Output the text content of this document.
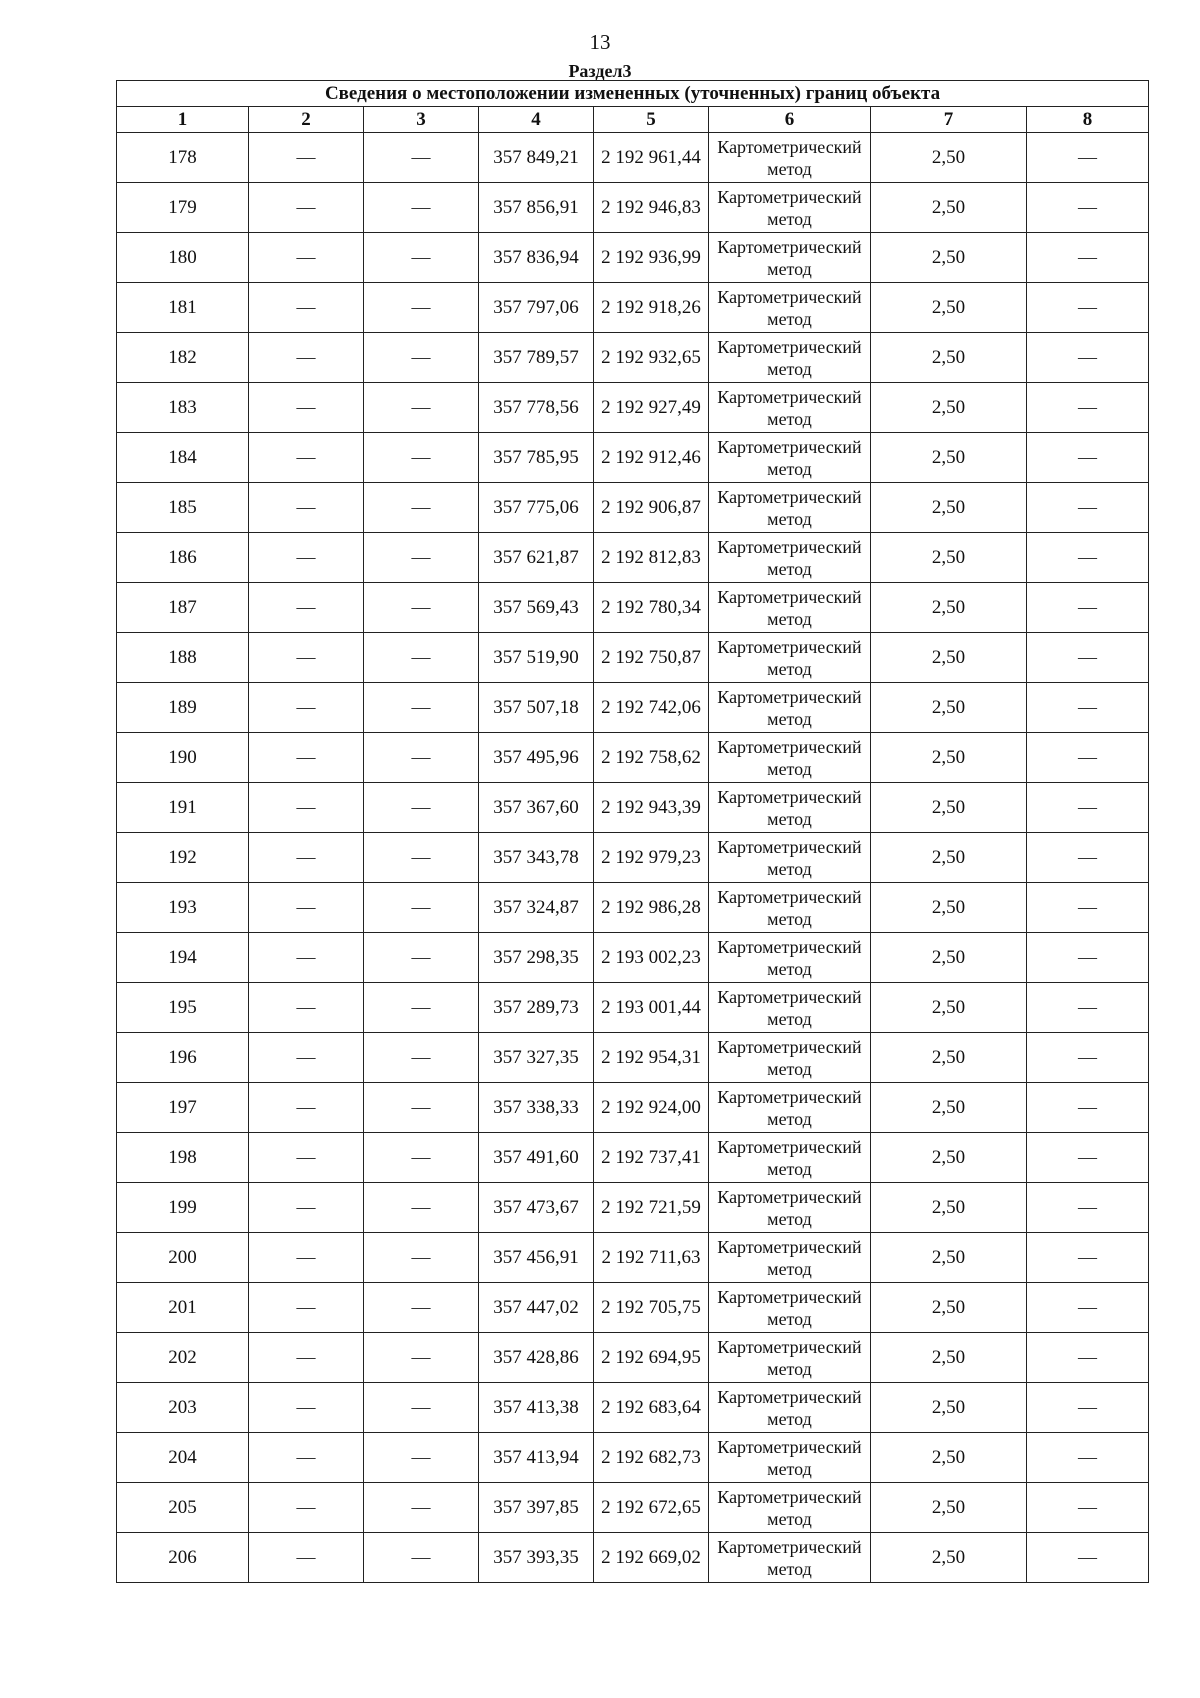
13
Раздел3
Сведения о местоположении измененных (уточненных) границ объекта							
1	2	3	4	5	6	7	8
178	—	—	357 849,21	2 192 961,44	Картометрический метод	2,50	—
179	—	—	357 856,91	2 192 946,83	Картометрический метод	2,50	—
180	—	—	357 836,94	2 192 936,99	Картометрический метод	2,50	—
181	—	—	357 797,06	2 192 918,26	Картометрический метод	2,50	—
182	—	—	357 789,57	2 192 932,65	Картометрический метод	2,50	—
183	—	—	357 778,56	2 192 927,49	Картометрический метод	2,50	—
184	—	—	357 785,95	2 192 912,46	Картометрический метод	2,50	—
185	—	—	357 775,06	2 192 906,87	Картометрический метод	2,50	—
186	—	—	357 621,87	2 192 812,83	Картометрический метод	2,50	—
187	—	—	357 569,43	2 192 780,34	Картометрический метод	2,50	—
188	—	—	357 519,90	2 192 750,87	Картометрический метод	2,50	—
189	—	—	357 507,18	2 192 742,06	Картометрический метод	2,50	—
190	—	—	357 495,96	2 192 758,62	Картометрический метод	2,50	—
191	—	—	357 367,60	2 192 943,39	Картометрический метод	2,50	—
192	—	—	357 343,78	2 192 979,23	Картометрический метод	2,50	—
193	—	—	357 324,87	2 192 986,28	Картометрический метод	2,50	—
194	—	—	357 298,35	2 193 002,23	Картометрический метод	2,50	—
195	—	—	357 289,73	2 193 001,44	Картометрический метод	2,50	—
196	—	—	357 327,35	2 192 954,31	Картометрический метод	2,50	—
197	—	—	357 338,33	2 192 924,00	Картометрический метод	2,50	—
198	—	—	357 491,60	2 192 737,41	Картометрический метод	2,50	—
199	—	—	357 473,67	2 192 721,59	Картометрический метод	2,50	—
200	—	—	357 456,91	2 192 711,63	Картометрический метод	2,50	—
201	—	—	357 447,02	2 192 705,75	Картометрический метод	2,50	—
202	—	—	357 428,86	2 192 694,95	Картометрический метод	2,50	—
203	—	—	357 413,38	2 192 683,64	Картометрический метод	2,50	—
204	—	—	357 413,94	2 192 682,73	Картометрический метод	2,50	—
205	—	—	357 397,85	2 192 672,65	Картометрический метод	2,50	—
206	—	—	357 393,35	2 192 669,02	Картометрический метод	2,50	—
